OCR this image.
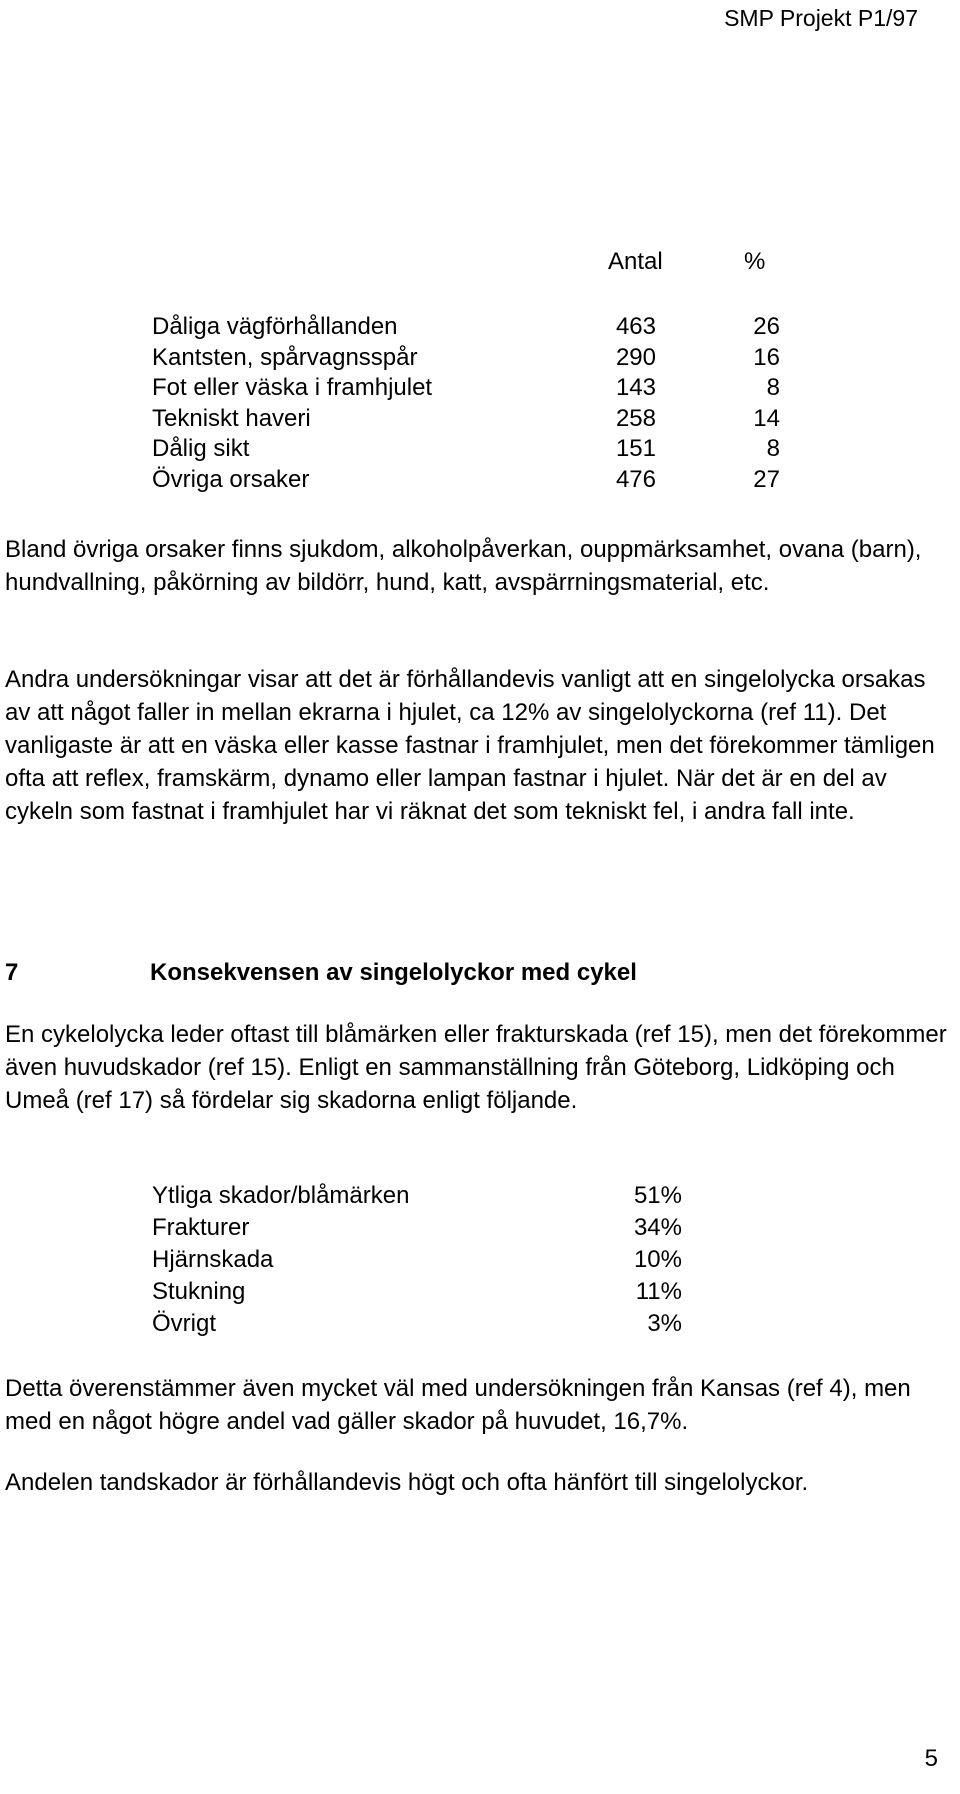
SMP Projekt P1/97
Antal	%
Dåliga vägförhållanden	463	26
Kantsten, spårvagnsspår	290	16
Fot eller väska i framhjulet	143	8
Tekniskt haveri	258	14
Dålig sikt	151	8
Övriga orsaker	476	27

Bland övriga orsaker finns sjukdom, alkoholpåverkan, ouppmärksamhet, ovana (barn), hundvallning, påkörning av bildörr, hund, katt, avspärrningsmaterial, etc.

Andra undersökningar visar att det är förhållandevis vanligt att en singelolycka orsakas av att något faller in mellan ekrarna i hjulet, ca 12% av singelolyckorna (ref 11). Det vanligaste är att en väska eller kasse fastnar i framhjulet, men det förekommer tämligen ofta att reflex, framskärm, dynamo eller lampan fastnar i hjulet. När det är en del av cykeln som fastnat i framhjulet har vi räknat det som tekniskt fel, i andra fall inte.

7	Konsekvensen av singelolyckor med cykel

En cykelolycka leder oftast till blåmärken eller frakturskada (ref 15), men det förekommer även huvudskador (ref 15). Enligt en sammanställning från Göteborg, Lidköping och Umeå (ref 17) så fördelar sig skadorna enligt följande.

Ytliga skador/blåmärken	51%
Frakturer	34%
Hjärnskada	10%
Stukning	11%
Övrigt	3%

Detta överenstämmer även mycket väl med undersökningen från Kansas (ref 4), men med en något högre andel vad gäller skador på huvudet, 16,7%.

Andelen tandskador är förhållandevis högt och ofta hänfört till singelolyckor.

5
